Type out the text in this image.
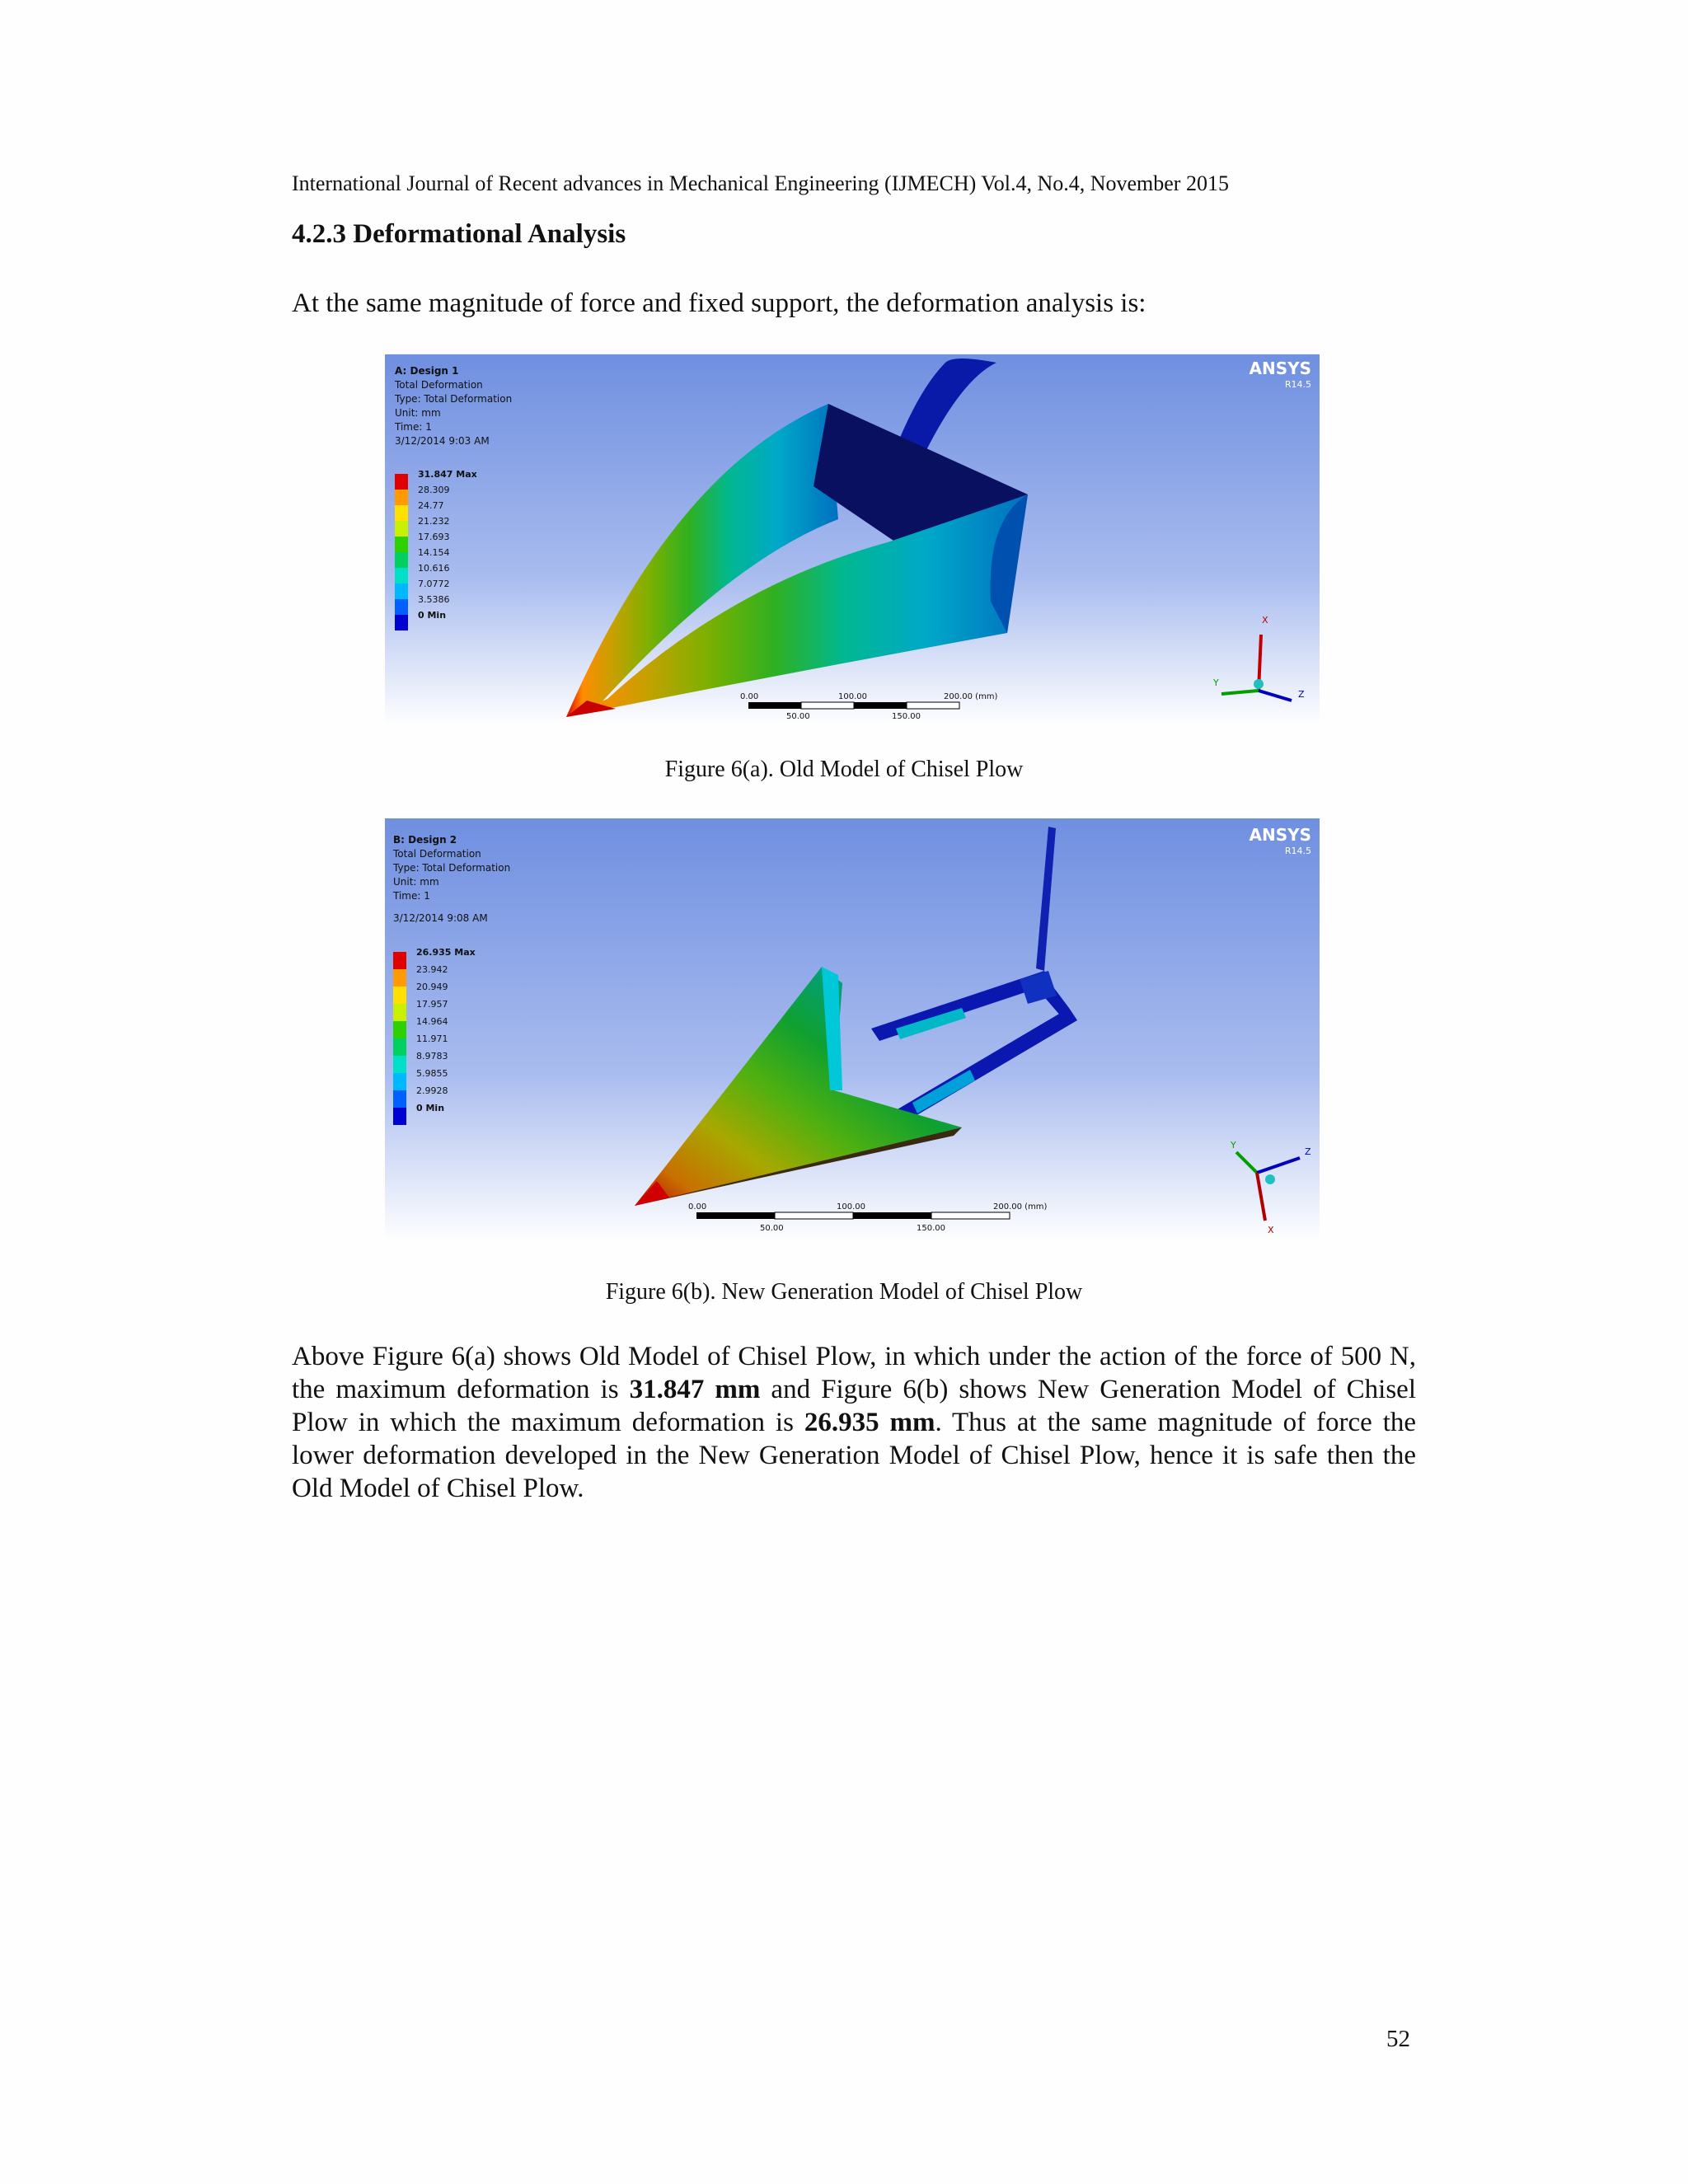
International Journal of Recent advances in Mechanical Engineering (IJMECH) Vol.4, No.4, November 2015
4.2.3 Deformational Analysis
At the same magnitude of force and fixed support, the deformation analysis is:
A: Design 1
Total Deformation
Type: Total Deformation
Unit: mm
Time: 1
3/12/2014 9:03 AM
31.847 Max
28.309
24.77
21.232
17.693
14.154
10.616
7.0772
3.5386
0 Min
ANSYS
R14.5
0.00	100.00	200.00 (mm)
50.00	150.00
X
Y
Z
Figure 6(a). Old Model of Chisel Plow
B: Design 2
Total Deformation
Type: Total Deformation
Unit: mm
Time: 1
3/12/2014 9:08 AM
26.935 Max
23.942
20.949
17.957
14.964
11.971
8.9783
5.9855
2.9928
0 Min
ANSYS
R14.5
0.00	100.00	200.00 (mm)
50.00	150.00
Y
Z
X
Figure 6(b). New Generation Model of Chisel Plow
Above Figure 6(a) shows Old Model of Chisel Plow, in which under the action of the force of 500 N, the maximum deformation is 31.847 mm and Figure 6(b) shows New Generation Model of Chisel Plow in which the maximum deformation is 26.935 mm. Thus at the same magnitude of force the lower deformation developed in the New Generation Model of Chisel Plow, hence it is safe then the Old Model of Chisel Plow.
52
